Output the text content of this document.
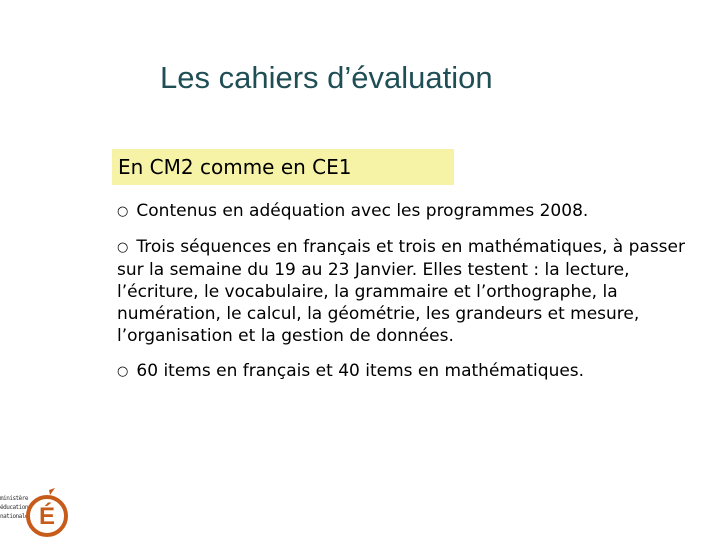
Les cahiers d’évaluation
En CM2 comme en CE1

○ Contenus en adéquation avec les programmes 2008.

○ Trois séquences en français et trois en mathématiques, à passer sur la semaine du 19 au 23 Janvier. Elles testent : la lecture, l’écriture, le vocabulaire, la grammaire et l’orthographe, la numération, le calcul, la géométrie, les grandeurs et mesure, l’organisation et la gestion de données.

○ 60 items en français et 40 items en mathématiques.

ministère
éducation
nationale É
